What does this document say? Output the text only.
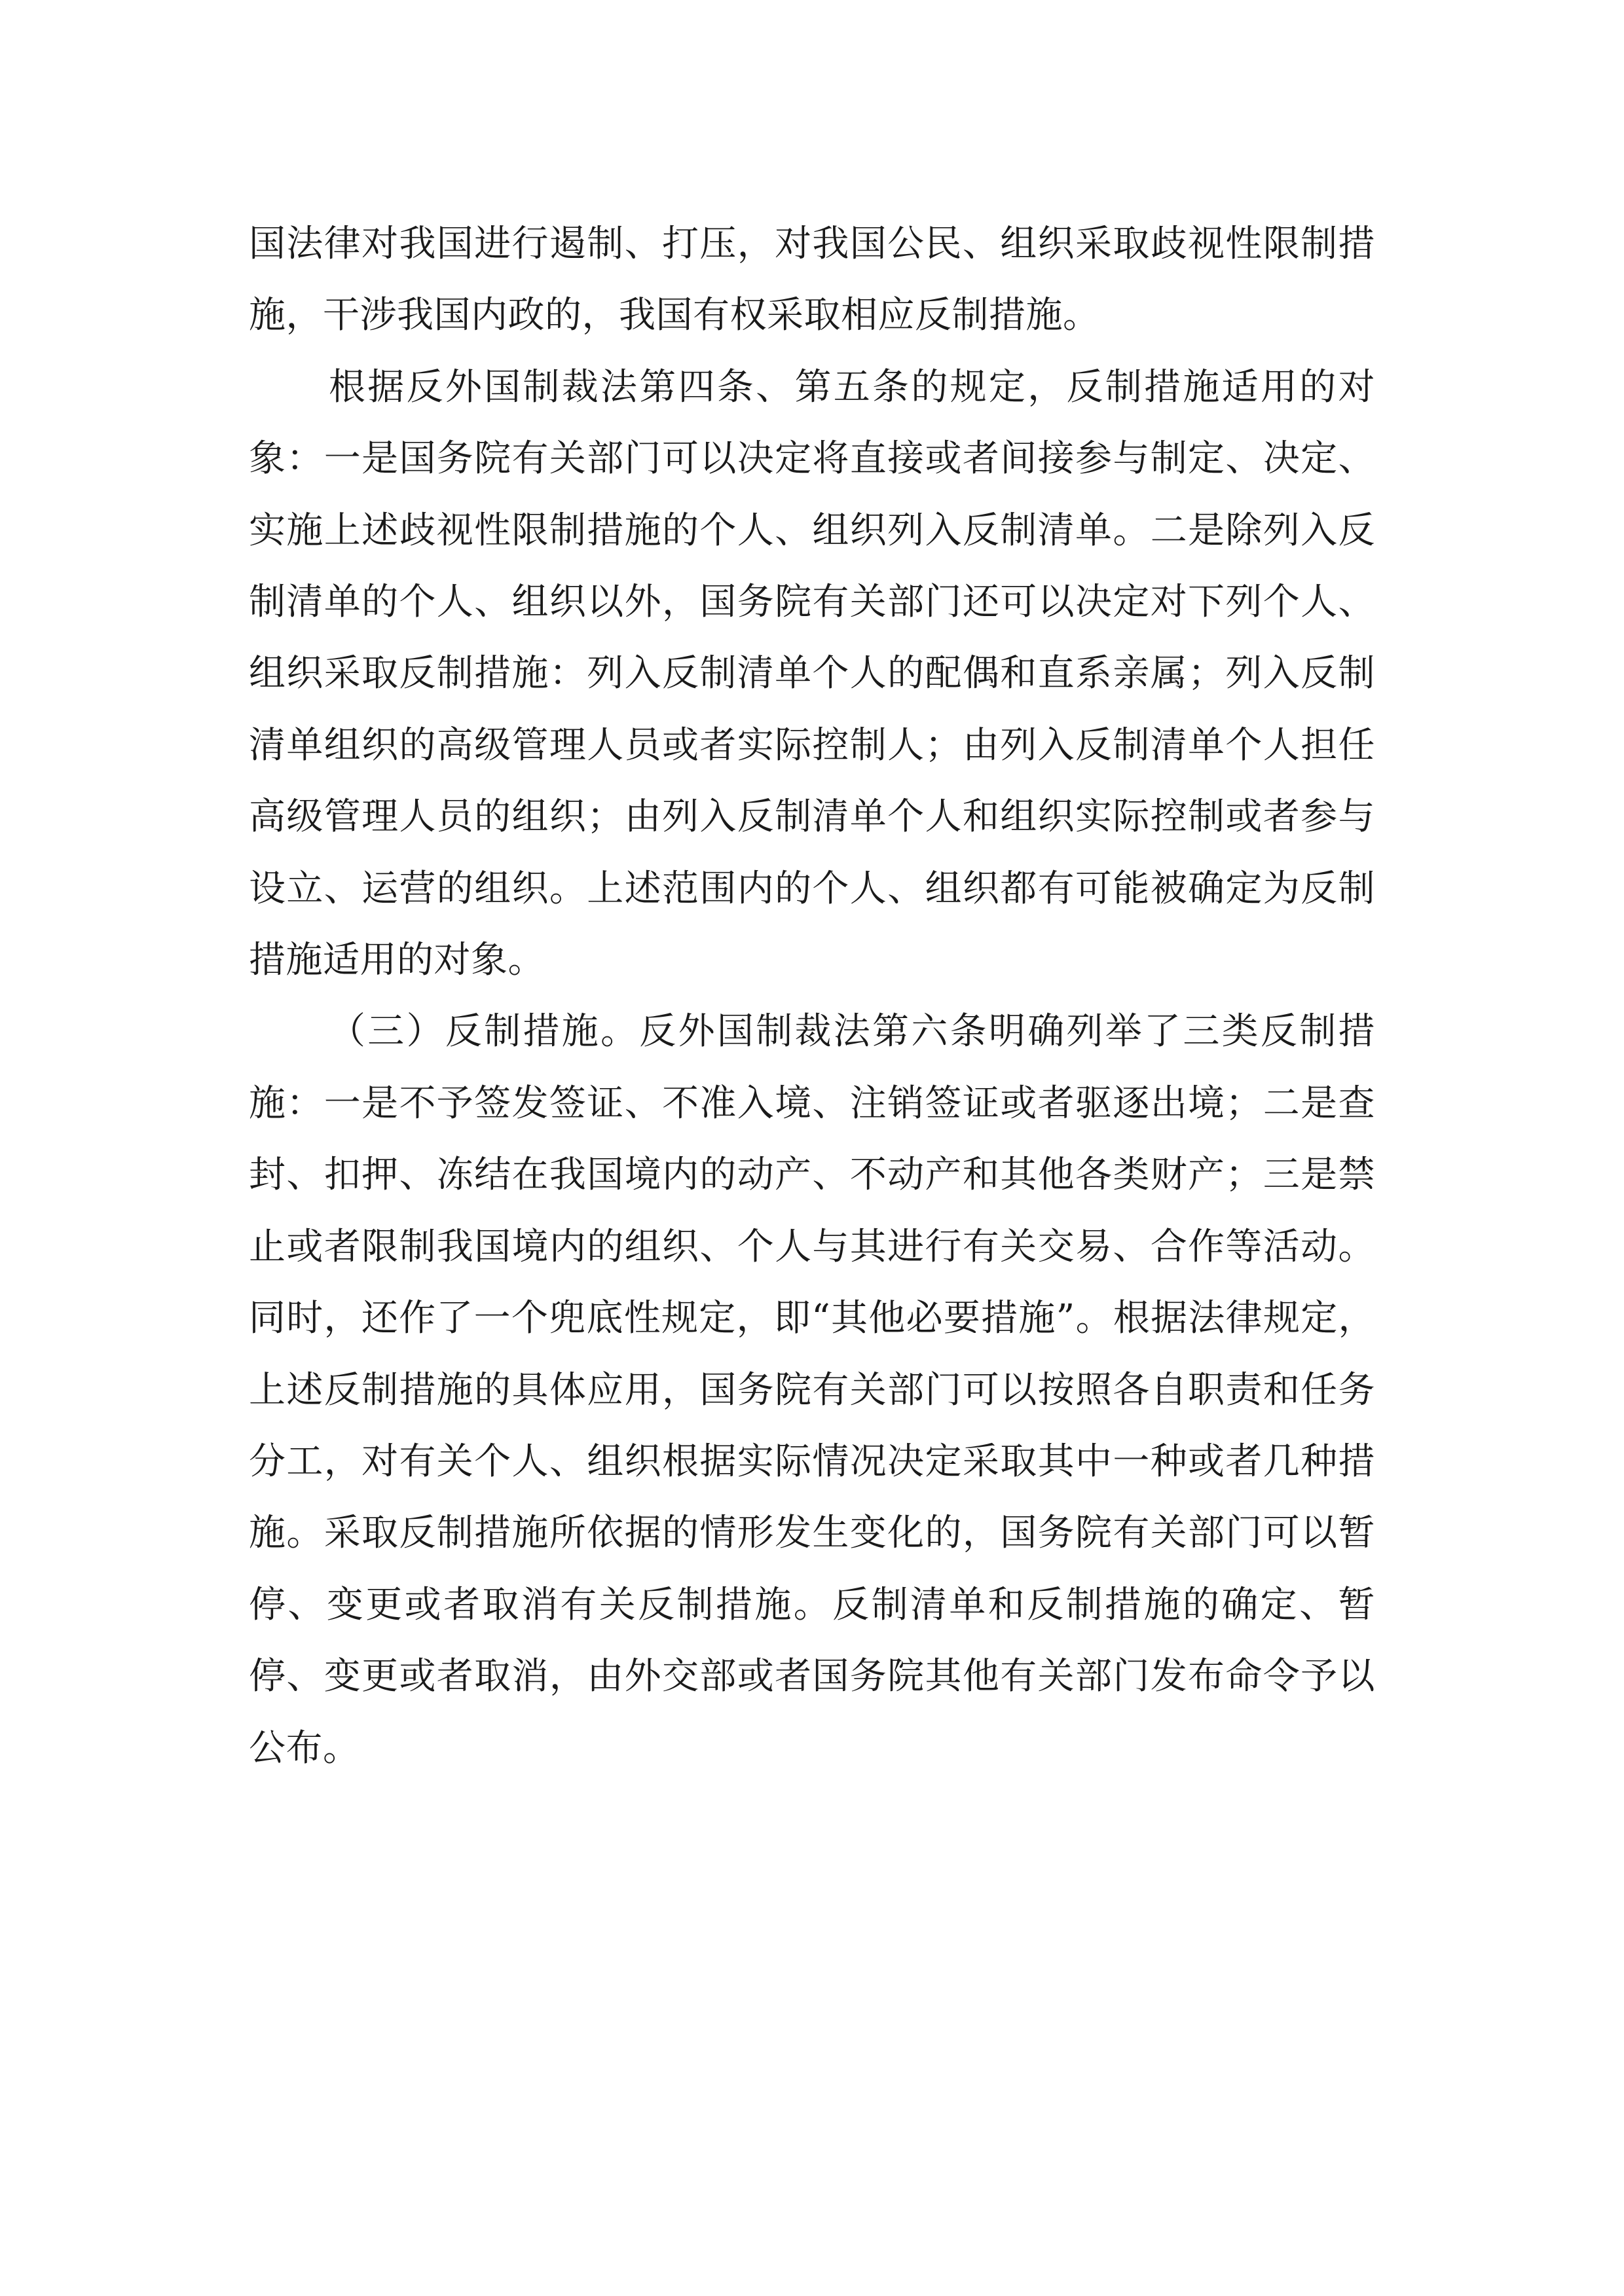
国法律对我国进行遏制、打压，对我国公民、组织采取歧视性限制措施，干涉我国内政的，我国有权采取相应反制措施。

根据反外国制裁法第四条、第五条的规定，反制措施适用的对象：一是国务院有关部门可以决定将直接或者间接参与制定、决定、实施上述歧视性限制措施的个人、组织列入反制清单。二是除列入反制清单的个人、组织以外，国务院有关部门还可以决定对下列个人、组织采取反制措施：列入反制清单个人的配偶和直系亲属；列入反制清单组织的高级管理人员或者实际控制人；由列入反制清单个人担任高级管理人员的组织；由列入反制清单个人和组织实际控制或者参与设立、运营的组织。上述范围内的个人、组织都有可能被确定为反制措施适用的对象。

（三）反制措施。反外国制裁法第六条明确列举了三类反制措施：一是不予签发签证、不准入境、注销签证或者驱逐出境；二是查封、扣押、冻结在我国境内的动产、不动产和其他各类财产；三是禁止或者限制我国境内的组织、个人与其进行有关交易、合作等活动。同时，还作了一个兜底性规定，即“其他必要措施”。根据法律规定，上述反制措施的具体应用，国务院有关部门可以按照各自职责和任务分工，对有关个人、组织根据实际情况决定采取其中一种或者几种措施。采取反制措施所依据的情形发生变化的，国务院有关部门可以暂停、变更或者取消有关反制措施。反制清单和反制措施的确定、暂停、变更或者取消，由外交部或者国务院其他有关部门发布命令予以公布。
